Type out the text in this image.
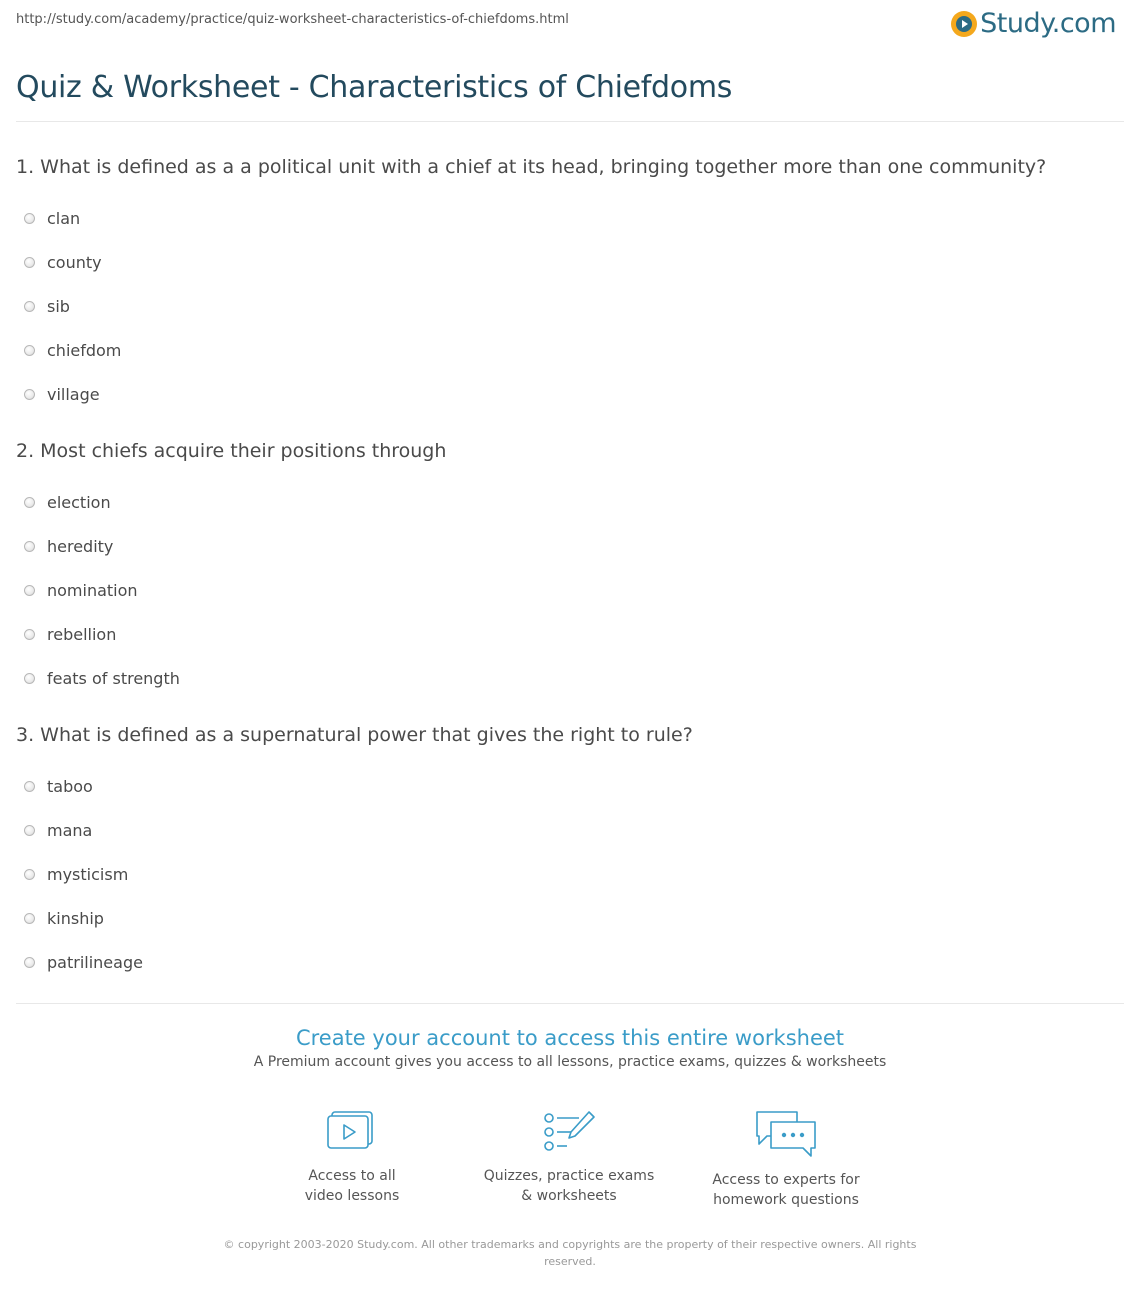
http://study.com/academy/practice/quiz-worksheet-characteristics-of-chiefdoms.html	Study.com
Quiz & Worksheet - Characteristics of Chiefdoms
1. What is defined as a a political unit with a chief at its head, bringing together more than one community?
clan
county
sib
chiefdom
village
2. Most chiefs acquire their positions through
election
heredity
nomination
rebellion
feats of strength
3. What is defined as a supernatural power that gives the right to rule?
taboo
mana
mysticism
kinship
patrilineage
Create your account to access this entire worksheet
A Premium account gives you access to all lessons, practice exams, quizzes & worksheets
Access to all
video lessons
Quizzes, practice exams
& worksheets
Access to experts for
homework questions
© copyright 2003-2020 Study.com. All other trademarks and copyrights are the property of their respective owners. All rights reserved.
